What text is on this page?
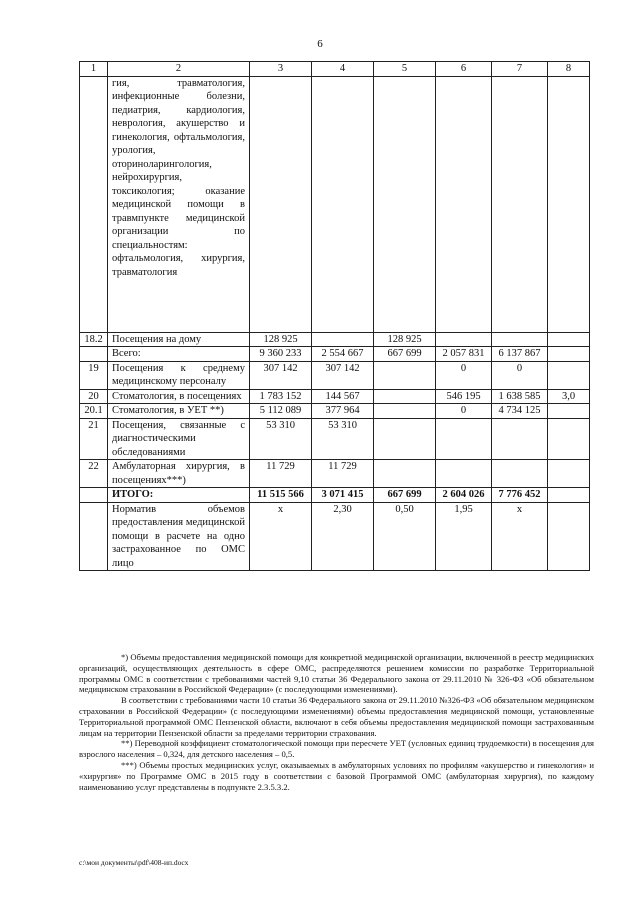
6
1	2	3	4	5	6	7	8
	гия, травматология, инфекционные болезни, педиатрия, кардиология, неврология, акушерство и гинекология, офтальмология, урология, оториноларингология, нейрохирургия, токсикология; оказание медицинской помощи в травмпункте медицинской организации по специальностям: офтальмология, хирургия, травматология						
18.2	Посещения на дому	128 925		128 925			
	Всего:	9 360 233	2 554 667	667 699	2 057 831	6 137 867	
19	Посещения к среднему медицинскому персоналу	307 142	307 142		0	0	
20	Стоматология, в посещениях	1 783 152	144 567		546 195	1 638 585	3,0
20.1	Стоматология, в УЕТ **)	5 112 089	377 964		0	4 734 125	
21	Посещения, связанные с диагностическими обследованиями	53 310	53 310				
22	Амбулаторная хирургия, в посещениях***)	11 729	11 729				
	ИТОГО:	11 515 566	3 071 415	667 699	2 604 026	7 776 452	
	Норматив объемов предоставления медицинской помощи в расчете на одно застрахованное по ОМС лицо	х	2,30	0,50	1,95	х	

*) Объемы предоставления медицинской помощи для конкретной медицинской организации, включенной в реестр медицинских организаций, осуществляющих деятельность в сфере ОМС, распределяются решением комиссии по разработке Территориальной программы ОМС в соответствии с требованиями частей 9,10 статьи 36 Федерального закона от 29.11.2010 № 326-ФЗ «Об обязательном медицинском страховании в Российской Федерации» (с последующими изменениями).

В соответствии с требованиями части 10 статьи 36 Федерального закона от 29.11.2010 №326-ФЗ «Об обязательном медицинском страховании в Российской Федерации» (с последующими изменениями) объемы предоставления медицинской помощи, установленные Территориальной программой ОМС Пензенской области, включают в себя объемы предоставления медицинской помощи застрахованным лицам на территории Пензенской области за пределами территории страхования.

**) Переводной коэффициент стоматологической помощи при пересчете УЕТ (условных единиц трудоемкости) в посещения для взрослого населения – 0,324, для детского населения – 0,5.

***) Объемы простых медицинских услуг, оказываемых в амбулаторных условиях по профилям «акушерство и гинекология» и «хирургия» по Программе ОМС в 2015 году в соответствии с базовой Программой ОМС (амбулаторная хирургия), по каждому наименованию услуг представлены в подпункте 2.3.5.3.2.

c:\мои документы\pdf\408-ип.docx
